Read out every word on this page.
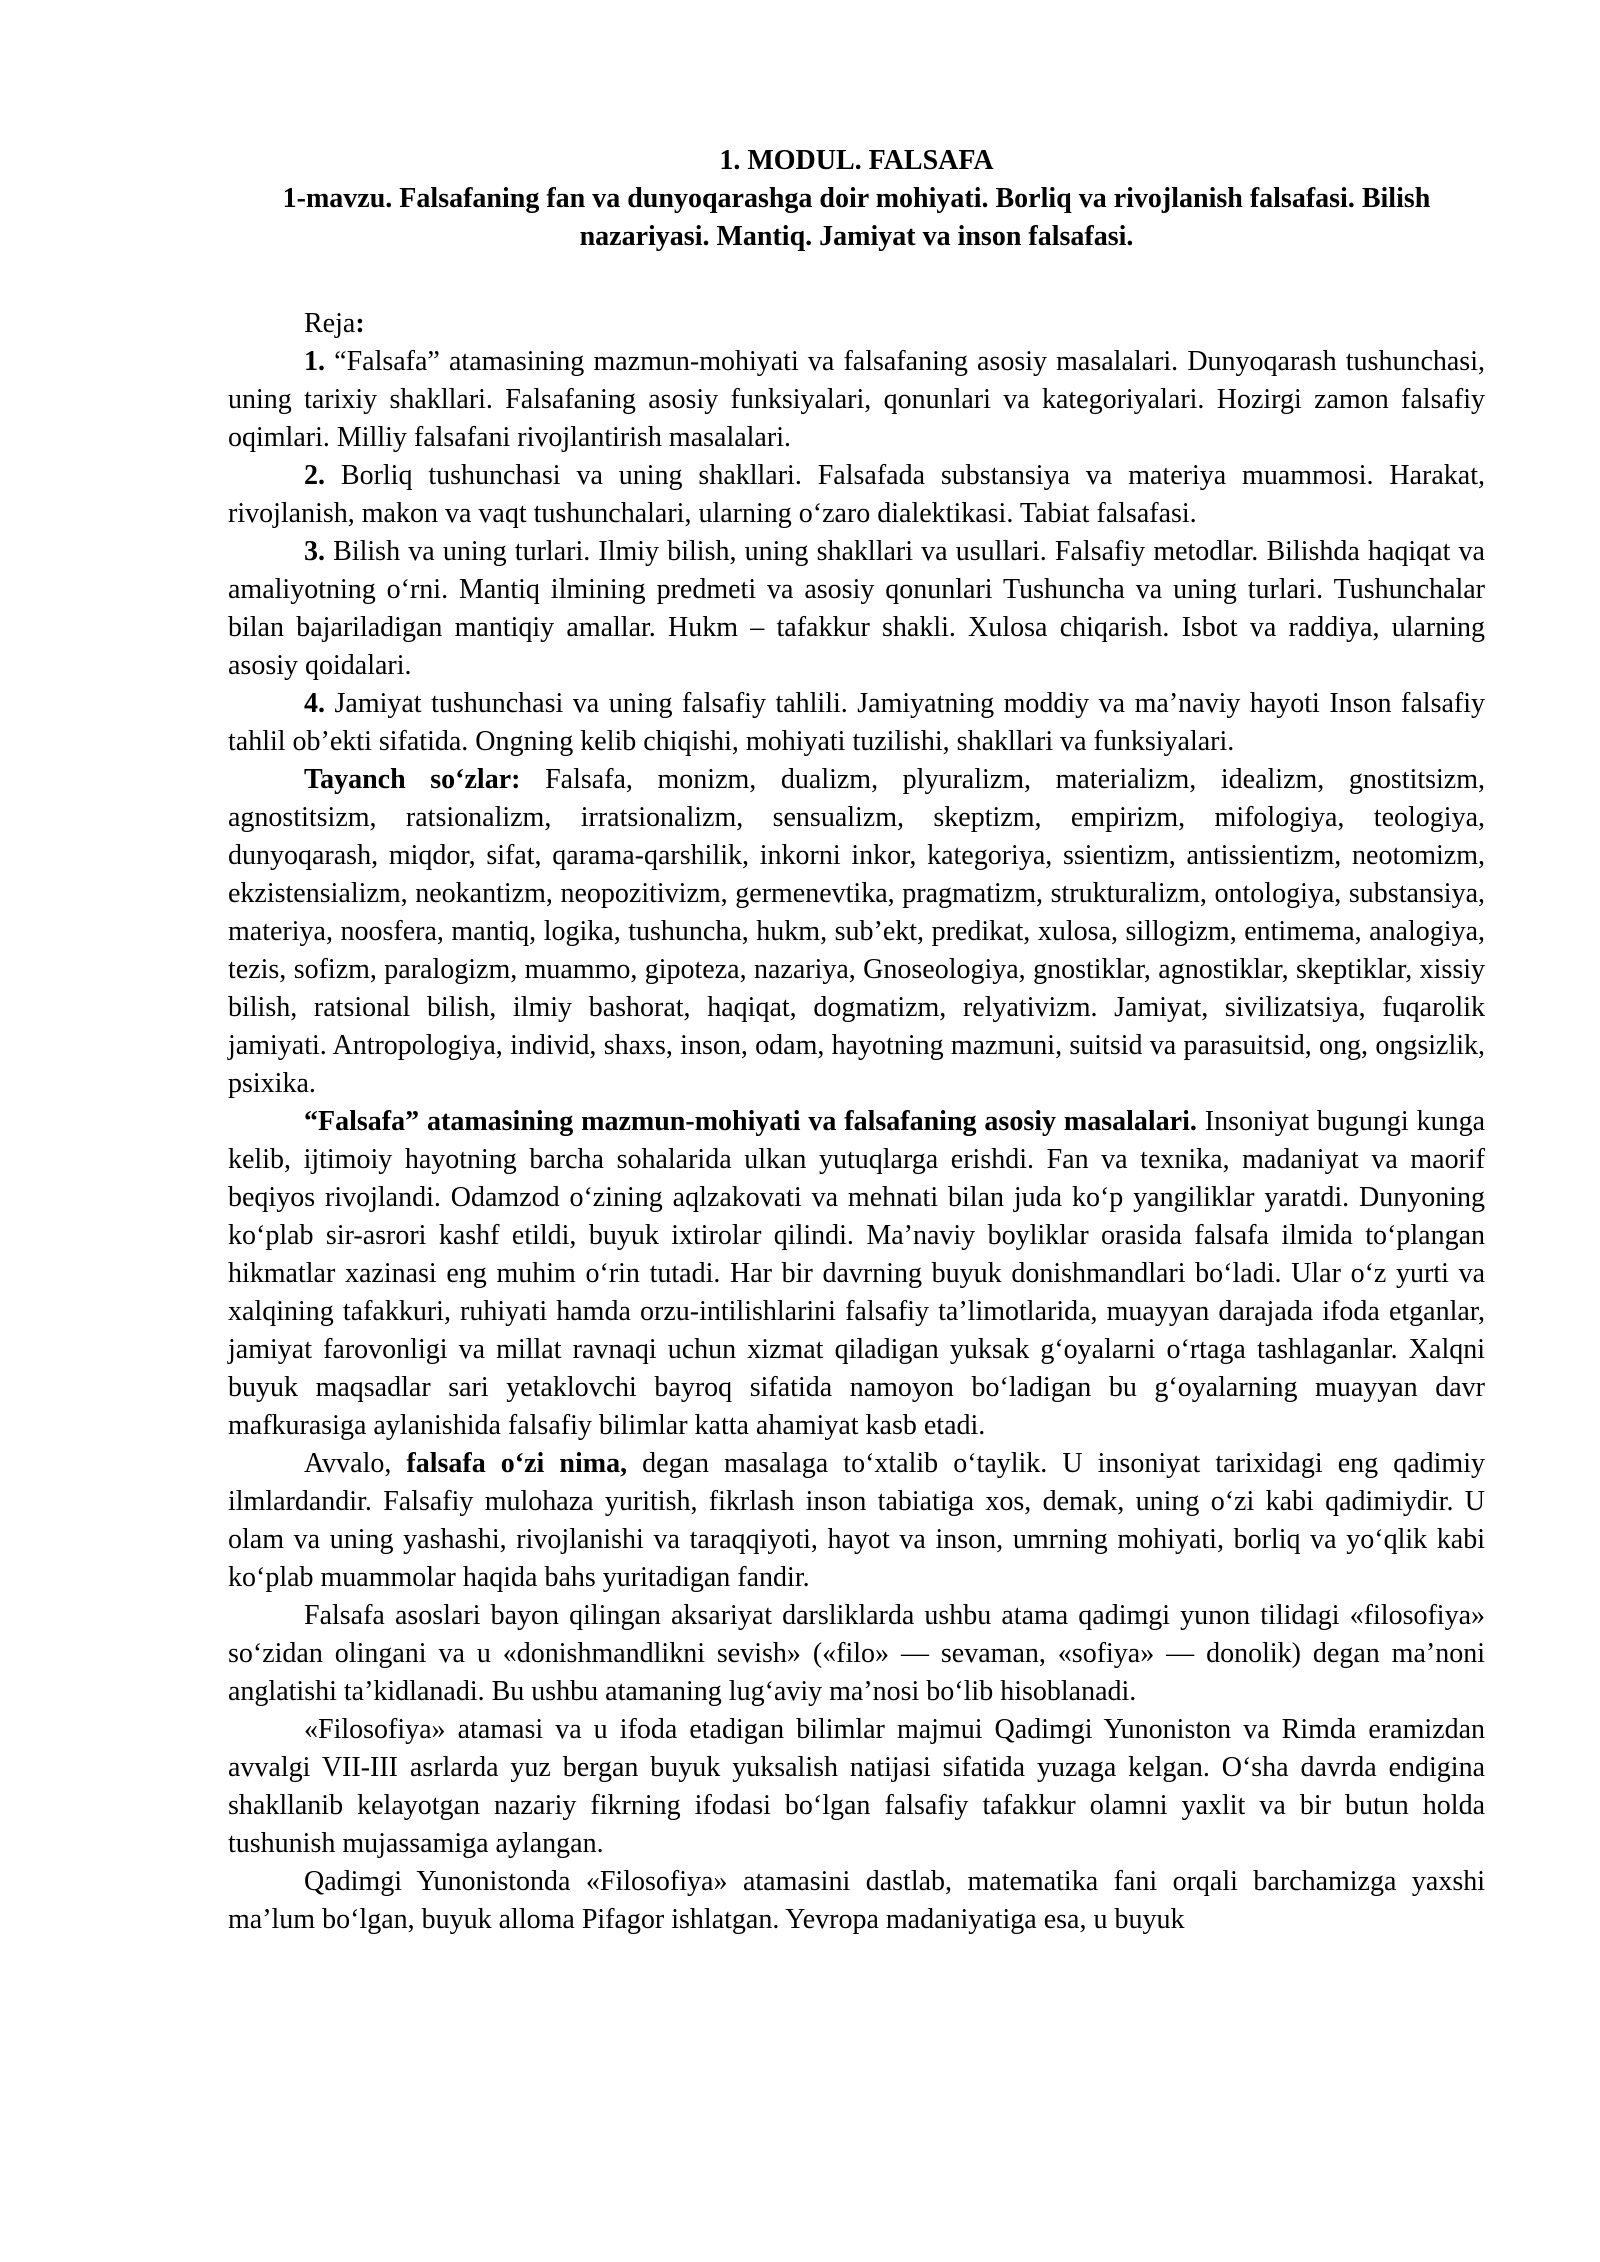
1. MODUL. FALSAFA
1-mavzu. Falsafaning fan va dunyoqarashga doir mohiyati. Borliq va rivojlanish falsafasi. Bilish nazariyasi. Mantiq. Jamiyat va inson falsafasi.

Reja:

1. “Falsafa” atamasining mazmun-mohiyati va falsafaning asosiy masalalari. Dunyoqarash tushunchasi, uning tarixiy shakllari. Falsafaning asosiy funksiyalari, qonunlari va kategoriyalari. Hozirgi zamon falsafiy oqimlari. Milliy falsafani rivojlantirish masalalari.

2. Borliq tushunchasi va uning shakllari. Falsafada substansiya va materiya muammosi. Harakat, rivojlanish, makon va vaqt tushunchalari, ularning o‘zaro dialektikasi. Tabiat falsafasi.

3. Bilish va uning turlari. Ilmiy bilish, uning shakllari va usullari. Falsafiy metodlar. Bilishda haqiqat va amaliyotning o‘rni. Mantiq ilmining predmeti va asosiy qonunlari Tushuncha va uning turlari. Tushunchalar bilan bajariladigan mantiqiy amallar. Hukm – tafakkur shakli. Xulosa chiqarish. Isbot va raddiya, ularning asosiy qoidalari.

4. Jamiyat tushunchasi va uning falsafiy tahlili. Jamiyatning moddiy va ma’naviy hayoti Inson falsafiy tahlil ob’ekti sifatida. Ongning kelib chiqishi, mohiyati tuzilishi, shakllari va funksiyalari.

Tayanch so‘zlar: Falsafa, monizm, dualizm, plyuralizm, materializm, idealizm, gnostitsizm, agnostitsizm, ratsionalizm, irratsionalizm, sensualizm, skeptizm, empirizm, mifologiya, teologiya, dunyoqarash, miqdor, sifat, qarama-qarshilik, inkorni inkor, kategoriya, ssientizm, antissientizm, neotomizm, ekzistensializm, neokantizm, neopozitivizm, germenevtika, pragmatizm, strukturalizm, ontologiya, substansiya, materiya, noosfera, mantiq, logika, tushuncha, hukm, sub’ekt, predikat, xulosa, sillogizm, entimema, analogiya, tezis, sofizm, paralogizm, muammo, gipoteza, nazariya, Gnoseologiya, gnostiklar, agnostiklar, skeptiklar, xissiy bilish, ratsional bilish, ilmiy bashorat, haqiqat, dogmatizm, relyativizm. Jamiyat, sivilizatsiya, fuqarolik jamiyati. Antropologiya, individ, shaxs, inson, odam, hayotning mazmuni, suitsid va parasuitsid, ong, ongsizlik, psixika.

“Falsafa” atamasining mazmun-mohiyati va falsafaning asosiy masalalari. Insoniyat bugungi kunga kelib, ijtimoiy hayotning barcha sohalarida ulkan yutuqlarga erishdi. Fan va texnika, madaniyat va maorif beqiyos rivojlandi. Odamzod o‘zining aqlzakovati va mehnati bilan juda ko‘p yangiliklar yaratdi. Dunyoning ko‘plab sir-asrori kashf etildi, buyuk ixtirolar qilindi. Ma’naviy boyliklar orasida falsafa ilmida to‘plangan hikmatlar xazinasi eng muhim o‘rin tutadi. Har bir davrning buyuk donishmandlari bo‘ladi. Ular o‘z yurti va xalqining tafakkuri, ruhiyati hamda orzu-intilishlarini falsafiy ta’limotlarida, muayyan darajada ifoda etganlar, jamiyat farovonligi va millat ravnaqi uchun xizmat qiladigan yuksak g‘oyalarni o‘rtaga tashlaganlar. Xalqni buyuk maqsadlar sari yetaklovchi bayroq sifatida namoyon bo‘ladigan bu g‘oyalarning muayyan davr mafkurasiga aylanishida falsafiy bilimlar katta ahamiyat kasb etadi.

Avvalo, falsafa o‘zi nima, degan masalaga to‘xtalib o‘taylik. U insoniyat tarixidagi eng qadimiy ilmlardandir. Falsafiy mulohaza yuritish, fikrlash inson tabiatiga xos, demak, uning o‘zi kabi qadimiydir. U olam va uning yashashi, rivojlanishi va taraqqiyoti, hayot va inson, umrning mohiyati, borliq va yo‘qlik kabi ko‘plab muammolar haqida bahs yuritadigan fandir.

Falsafa asoslari bayon qilingan aksariyat darsliklarda ushbu atama qadimgi yunon tilidagi «filosofiya» so‘zidan olingani va u «donishmandlikni sevish» («filo» — sevaman, «sofiya» — donolik) degan ma’noni anglatishi ta’kidlanadi. Bu ushbu atamaning lug‘aviy ma’nosi bo‘lib hisoblanadi.

«Filosofiya» atamasi va u ifoda etadigan bilimlar majmui Qadimgi Yunoniston va Rimda eramizdan avvalgi VII-III asrlarda yuz bergan buyuk yuksalish natijasi sifatida yuzaga kelgan. O‘sha davrda endigina shakllanib kelayotgan nazariy fikrning ifodasi bo‘lgan falsafiy tafakkur olamni yaxlit va bir butun holda tushunish mujassamiga aylangan.

Qadimgi Yunonistonda «Filosofiya» atamasini dastlab, matematika fani orqali barchamizga yaxshi ma’lum bo‘lgan, buyuk alloma Pifagor ishlatgan. Yevropa madaniyatiga esa, u buyuk
